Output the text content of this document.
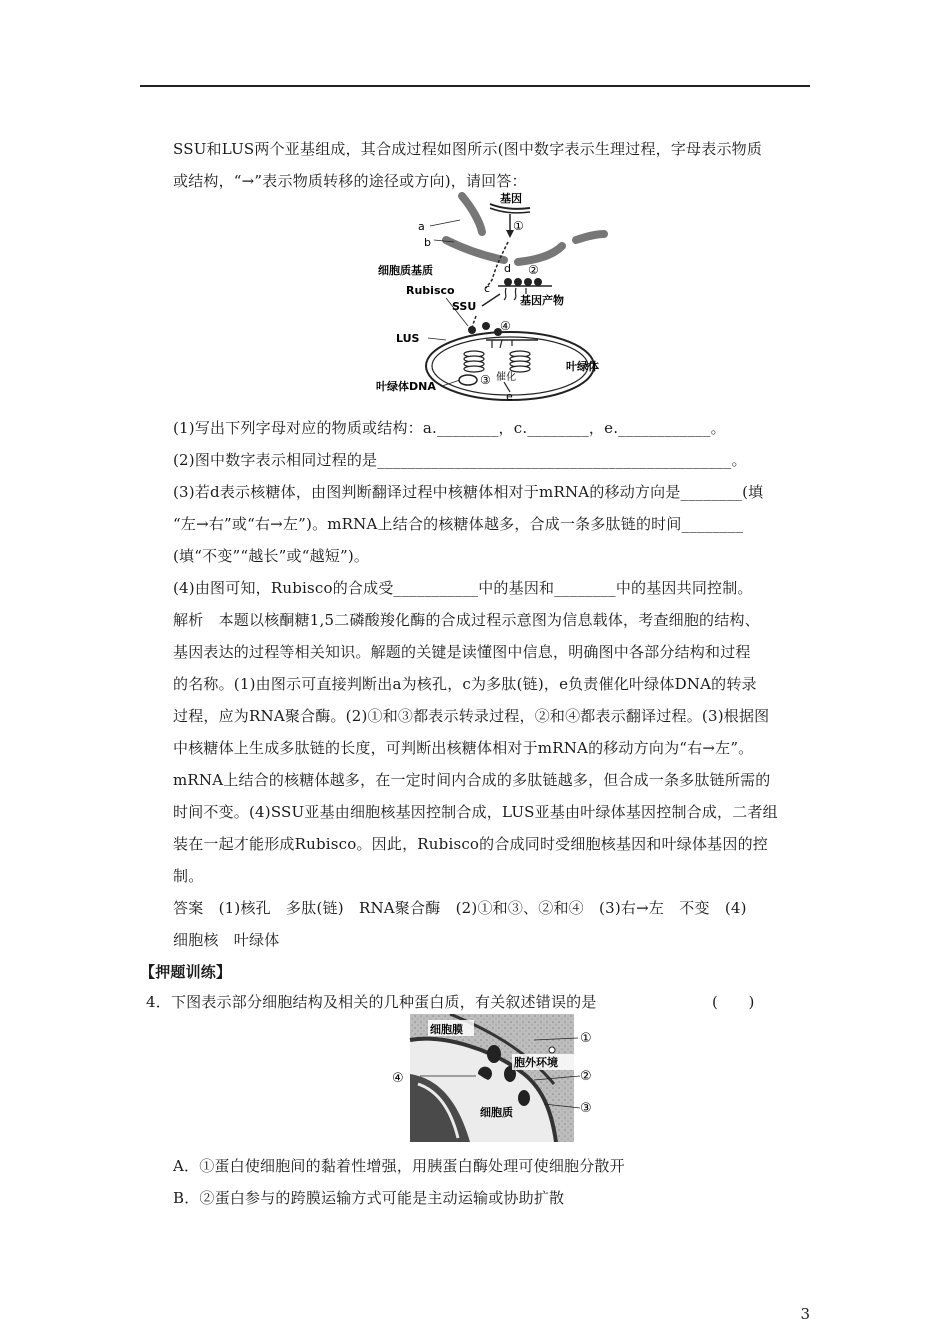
SSU和LUS两个亚基组成，其合成过程如图所示(图中数字表示生理过程，字母表示物质
或结构，“→”表示物质转移的途径或方向)，请回答：
基因
a
b
①
细胞质基质	d ②
c
Rubisco
基因产物
SSU
④
LUS
叶绿体
③ 催化
叶绿体DNA
e
(1)写出下列字母对应的物质或结构：a.________，c.________，e.____________。
(2)图中数字表示相同过程的是______________________________________________。
(3)若d表示核糖体，由图判断翻译过程中核糖体相对于mRNA的移动方向是________(填
“左→右”或“右→左”)。mRNA上结合的核糖体越多，合成一条多肽链的时间________
(填“不变”“越长”或“越短”)。
(4)由图可知，Rubisco的合成受___________中的基因和________中的基因共同控制。
解析　本题以核酮糖1,5二磷酸羧化酶的合成过程示意图为信息载体，考查细胞的结构、
基因表达的过程等相关知识。解题的关键是读懂图中信息，明确图中各部分结构和过程
的名称。(1)由图示可直接判断出a为核孔，c为多肽(链)，e负责催化叶绿体DNA的转录
过程，应为RNA聚合酶。(2)①和③都表示转录过程，②和④都表示翻译过程。(3)根据图
中核糖体上生成多肽链的长度，可判断出核糖体相对于mRNA的移动方向为“右→左”。
mRNA上结合的核糖体越多，在一定时间内合成的多肽链越多，但合成一条多肽链所需的
时间不变。(4)SSU亚基由细胞核基因控制合成，LUS亚基由叶绿体基因控制合成，二者组
装在一起才能形成Rubisco。因此，Rubisco的合成同时受细胞核基因和叶绿体基因的控
制。
答案　(1)核孔　多肽(链)　RNA聚合酶　(2)①和③、②和④　(3)右→左　不变　(4)
细胞核　叶绿体
【押题训练】
4．下图表示部分细胞结构及相关的几种蛋白质，有关叙述错误的是	(　　)
细胞膜
胞外环境
细胞质
①
②
③
④
A．①蛋白使细胞间的黏着性增强，用胰蛋白酶处理可使细胞分散开
B．②蛋白参与的跨膜运输方式可能是主动运输或协助扩散
3
